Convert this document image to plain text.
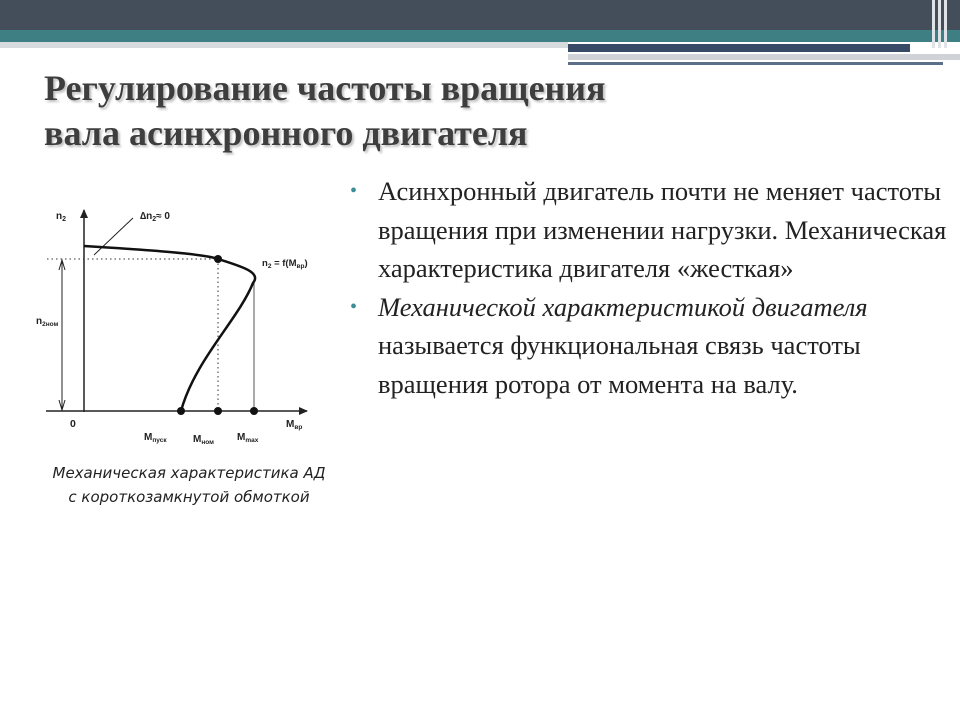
Регулирование частоты вращения
вала асинхронного двигателя
• Асинхронный двигатель почти не меняет частоты вращения при изменении нагрузки. Механическая характеристика двигателя «жесткая»
• Механической характеристикой двигателя называется функциональная связь частоты вращения ротора от момента на валу.
$n_2$	$\Delta n_2\approx 0$
$n_{2ном}$
$n_2 = f(M_{вр})$
0
$M_{пуск}$	$M_{ном}$ $M_{max}$
$M_{вр}$
Механическая характеристика АД
с короткозамкнутой обмоткой
